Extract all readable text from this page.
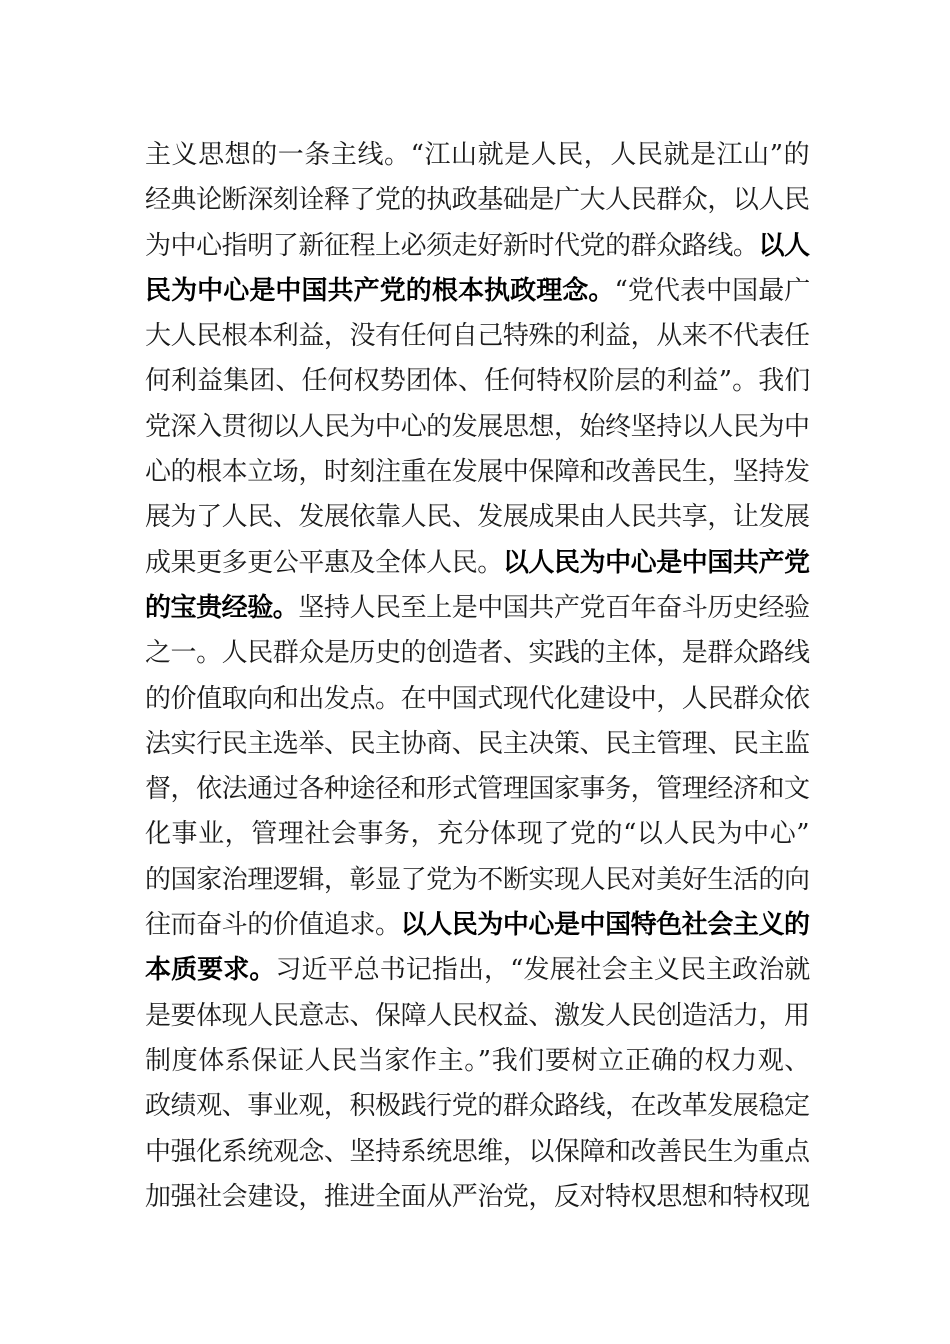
主义思想的一条主线。“江山就是人民，人民就是江山”的
经典论断深刻诠释了党的执政基础是广大人民群众，以人民
为中心指明了新征程上必须走好新时代党的群众路线。以人
民为中心是中国共产党的根本执政理念。“党代表中国最广
大人民根本利益，没有任何自己特殊的利益，从来不代表任
何利益集团、任何权势团体、任何特权阶层的利益”。我们
党深入贯彻以人民为中心的发展思想，始终坚持以人民为中
心的根本立场，时刻注重在发展中保障和改善民生，坚持发
展为了人民、发展依靠人民、发展成果由人民共享，让发展
成果更多更公平惠及全体人民。以人民为中心是中国共产党
的宝贵经验。坚持人民至上是中国共产党百年奋斗历史经验
之一。人民群众是历史的创造者、实践的主体，是群众路线
的价值取向和出发点。在中国式现代化建设中，人民群众依
法实行民主选举、民主协商、民主决策、民主管理、民主监
督，依法通过各种途径和形式管理国家事务，管理经济和文
化事业，管理社会事务，充分体现了党的“以人民为中心”
的国家治理逻辑，彰显了党为不断实现人民对美好生活的向
往而奋斗的价值追求。以人民为中心是中国特色社会主义的
本质要求。习近平总书记指出，“发展社会主义民主政治就
是要体现人民意志、保障人民权益、激发人民创造活力，用
制度体系保证人民当家作主。”我们要树立正确的权力观、
政绩观、事业观，积极践行党的群众路线，在改革发展稳定
中强化系统观念、坚持系统思维，以保障和改善民生为重点
加强社会建设，推进全面从严治党，反对特权思想和特权现
